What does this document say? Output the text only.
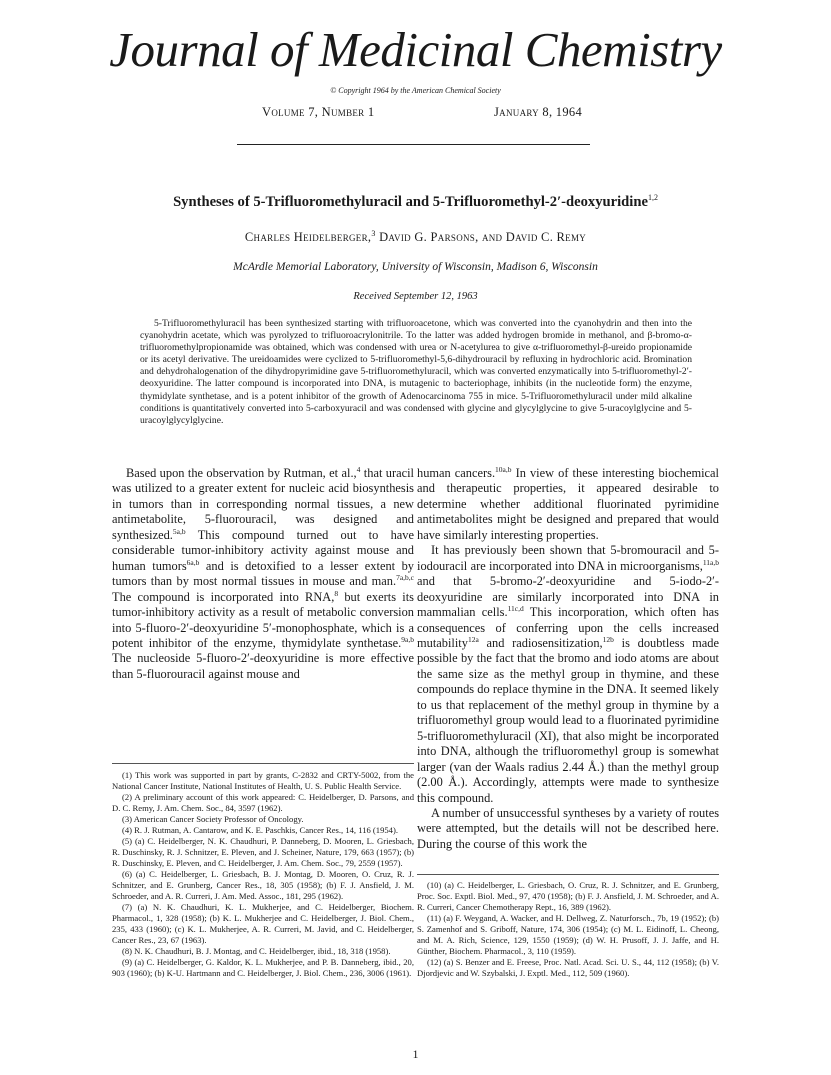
Journal of Medicinal Chemistry
© Copyright 1964 by the American Chemical Society
Volume 7, Number 1	January 8, 1964
Syntheses of 5-Trifluoromethyluracil and 5-Trifluoromethyl-2′-deoxyuridine$^{1,2}$
Charles Heidelberger,$^3$ David G. Parsons, and David C. Remy
McArdle Memorial Laboratory, University of Wisconsin, Madison 6, Wisconsin
Received September 12, 1963
5-Trifluoromethyluracil has been synthesized starting with trifluoroacetone, which was converted into the cyanohydrin and then into the cyanohydrin acetate, which was pyrolyzed to trifluoroacrylonitrile. To the latter was added hydrogen bromide in methanol, and β-bromo-α-trifluoromethylpropionamide was obtained, which was condensed with urea or N-acetylurea to give α-trifluoromethyl-β-ureido propionamide or its acetyl derivative. The ureidoamides were cyclized to 5-trifluoromethyl-5,6-dihydrouracil by refluxing in hydrochloric acid. Bromination and dehydrohalogenation of the dihydropyrimidine gave 5-trifluoromethyluracil, which was converted enzymatically into 5-trifluoromethyl-2′-deoxyuridine. The latter compound is incorporated into DNA, is mutagenic to bacteriophage, inhibits (in the nucleotide form) the enzyme, thymidylate synthetase, and is a potent inhibitor of the growth of Adenocarcinoma 755 in mice. 5-Trifluoromethyluracil under mild alkaline conditions is quantitatively converted into 5-carboxyuracil and was condensed with glycine and glycylglycine to give 5-uracoylglycine and 5-uracoylglycylglycine.

Based upon the observation by Rutman, et al.,$^4$ that uracil was utilized to a greater extent for nucleic acid biosynthesis in tumors than in corresponding normal tissues, a new antimetabolite, 5-fluorouracil, was designed and synthesized.$^{5a,b}$ This compound turned out to have considerable tumor-inhibitory activity against mouse and human tumors$^{6a,b}$ and is detoxified to a lesser extent by tumors than by most normal tissues in mouse and man.$^{7a,b,c}$ The compound is incorporated into RNA,$^8$ but exerts its tumor-inhibitory activity as a result of metabolic conversion into 5-fluoro-2′-deoxyuridine 5′-monophosphate, which is a potent inhibitor of the enzyme, thymidylate synthetase.$^{9a,b}$ The nucleoside 5-fluoro-2′-deoxyuridine is more effective than 5-fluorouracil against mouse and

(1) This work was supported in part by grants, C-2832 and CRTY-5002, from the National Cancer Institute, National Institutes of Health, U. S. Public Health Service.

(2) A preliminary account of this work appeared: C. Heidelberger, D. Parsons, and D. C. Remy, J. Am. Chem. Soc., 84, 3597 (1962).

(3) American Cancer Society Professor of Oncology.

(4) R. J. Rutman, A. Cantarow, and K. E. Paschkis, Cancer Res., 14, 116 (1954).

(5) (a) C. Heidelberger, N. K. Chaudhuri, P. Danneberg, D. Mooren, L. Griesbach, R. Duschinsky, R. J. Schnitzer, E. Pleven, and J. Scheiner, Nature, 179, 663 (1957); (b) R. Duschinsky, E. Pleven, and C. Heidelberger, J. Am. Chem. Soc., 79, 2559 (1957).

(6) (a) C. Heidelberger, L. Griesbach, B. J. Montag, D. Mooren, O. Cruz, R. J. Schnitzer, and E. Grunberg, Cancer Res., 18, 305 (1958); (b) F. J. Ansfield, J. M. Schroeder, and A. R. Curreri, J. Am. Med. Assoc., 181, 295 (1962).

(7) (a) N. K. Chaudhuri, K. L. Mukherjee, and C. Heidelberger, Biochem. Pharmacol., 1, 328 (1958); (b) K. L. Mukherjee and C. Heidelberger, J. Biol. Chem., 235, 433 (1960); (c) K. L. Mukherjee, A. R. Curreri, M. Javid, and C. Heidelberger, Cancer Res., 23, 67 (1963).

(8) N. K. Chaudhuri, B. J. Montag, and C. Heidelberger, ibid., 18, 318 (1958).

(9) (a) C. Heidelberger, G. Kaldor, K. L. Mukherjee, and P. B. Danneberg, ibid., 20, 903 (1960); (b) K-U. Hartmann and C. Heidelberger, J. Biol. Chem., 236, 3006 (1961).

human cancers.$^{10a,b}$ In view of these interesting biochemical and therapeutic properties, it appeared desirable to determine whether additional fluorinated pyrimidine antimetabolites might be designed and prepared that would have similarly interesting properties.

It has previously been shown that 5-bromouracil and 5-iodouracil are incorporated into DNA in microorganisms,$^{11a,b}$ and that 5-bromo-2′-deoxyuridine and 5-iodo-2′-deoxyuridine are similarly incorporated into DNA in mammalian cells.$^{11c,d}$ This incorporation, which often has consequences of conferring upon the cells increased mutability$^{12a}$ and radiosensitization,$^{12b}$ is doubtless made possible by the fact that the bromo and iodo atoms are about the same size as the methyl group in thymine, and these compounds do replace thymine in the DNA. It seemed likely to us that replacement of the methyl group in thymine by a trifluoromethyl group would lead to a fluorinated pyrimidine 5-trifluoromethyluracil (XI), that also might be incorporated into DNA, although the trifluoromethyl group is somewhat larger (van der Waals radius 2.44 Å.) than the methyl group (2.00 Å.). Accordingly, attempts were made to synthesize this compound.

A number of unsuccessful syntheses by a variety of routes were attempted, but the details will not be described here. During the course of this work the

(10) (a) C. Heidelberger, L. Griesbach, O. Cruz, R. J. Schnitzer, and E. Grunberg, Proc. Soc. Exptl. Biol. Med., 97, 470 (1958); (b) F. J. Ansfield, J. M. Schroeder, and A. R. Curreri, Cancer Chemotherapy Rept., 16, 389 (1962).

(11) (a) F. Weygand, A. Wacker, and H. Dellweg, Z. Naturforsch., 7b, 19 (1952); (b) S. Zamenhof and S. Griboff, Nature, 174, 306 (1954); (c) M. L. Eidinoff, L. Cheong, and M. A. Rich, Science, 129, 1550 (1959); (d) W. H. Prusoff, J. J. Jaffe, and H. Günther, Biochem. Pharmacol., 3, 110 (1959).

(12) (a) S. Benzer and E. Freese, Proc. Natl. Acad. Sci. U. S., 44, 112 (1958); (b) V. Djordjevic and W. Szybalski, J. Exptl. Med., 112, 509 (1960).

1
